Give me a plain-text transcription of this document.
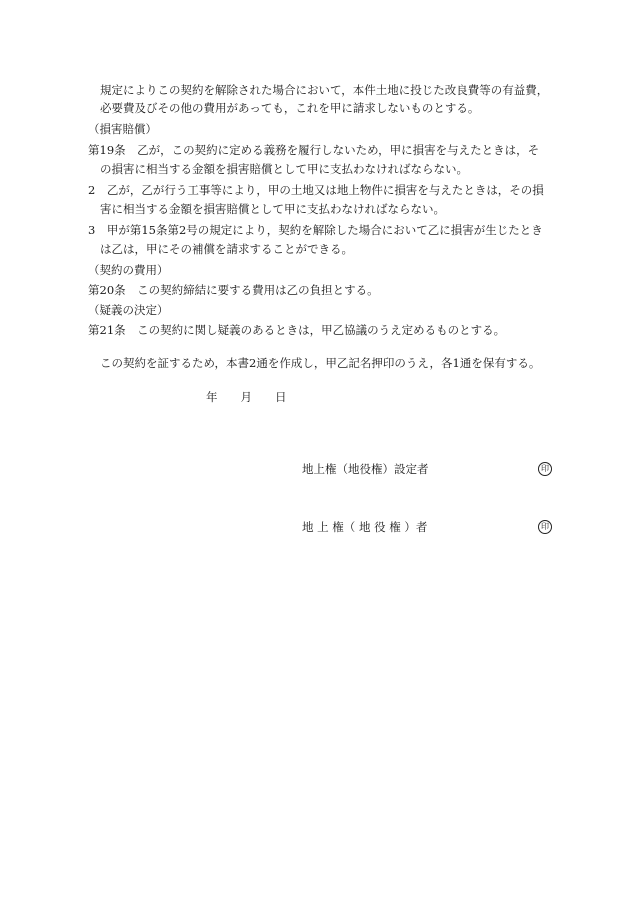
規定によりこの契約を解除された場合において，本件土地に投じた改良費等の有益費，
必要費及びその他の費用があっても，これを甲に請求しないものとする。
（損害賠償）
第19条　乙が，この契約に定める義務を履行しないため，甲に損害を与えたときは，そ
の損害に相当する金額を損害賠償として甲に支払わなければならない。
2　乙が，乙が行う工事等により，甲の土地又は地上物件に損害を与えたときは，その損
害に相当する金額を損害賠償として甲に支払わなければならない。
3　甲が第15条第2号の規定により，契約を解除した場合において乙に損害が生じたとき
は乙は，甲にその補償を請求することができる。
（契約の費用）
第20条　この契約締結に要する費用は乙の負担とする。
（疑義の決定）
第21条　この契約に関し疑義のあるときは，甲乙協議のうえ定めるものとする。
この契約を証するため，本書2通を作成し，甲乙記名押印のうえ，各1通を保有する。
年　　月　　日
地上権（地役権）設定者	印
地 上 権（ 地 役 権 ）者	印
